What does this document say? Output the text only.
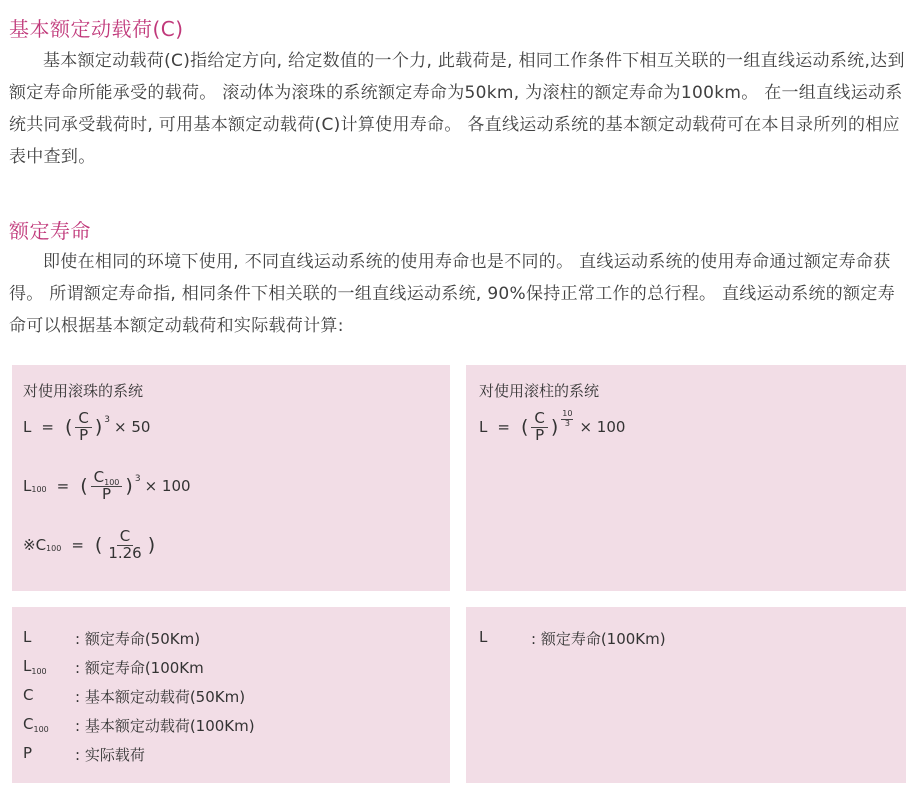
基本额定动载荷(C)

基本额定动载荷(C)指给定方向, 给定数值的一个力, 此载荷是, 相同工作条件下相互关联的一组直线运动系统,达到额定寿命所能承受的载荷。 滚动体为滚珠的系统额定寿命为50km, 为滚柱的额定寿命为100km。 在一组直线运动系统共同承受载荷时, 可用基本额定动载荷(C)计算使用寿命。 各直线运动系统的基本额定动载荷可在本目录所列的相应表中查到。

额定寿命

即使在相同的环境下使用, 不同直线运动系统的使用寿命也是不同的。 直线运动系统的使用寿命通过额定寿命获得。 所谓额定寿命指, 相同条件下相关联的一组直线运动系统, 90%保持正常工作的总行程。 直线运动系统的额定寿命可以根据基本额定动载荷和实际载荷计算:

对使用滚珠的系统
L = ( $\frac{C}{P}$ ) 3 × 50
L 100 = ( $\frac{C_{100}}{P}$ ) 3 × 100
※C 100 = ( $\frac{C}{1.26}$ )
对使用滚柱的系统
L = ( $\frac{C}{P}$ ) $\frac{10}{3} \times 100$
L	: 额定寿命(50Km)
$L_{100}$	: 额定寿命(100Km
C	: 基本额定动载荷(50Km)
$C_{100}$	: 基本额定动载荷(100Km)
P	: 实际载荷
L	: 额定寿命(100Km)
